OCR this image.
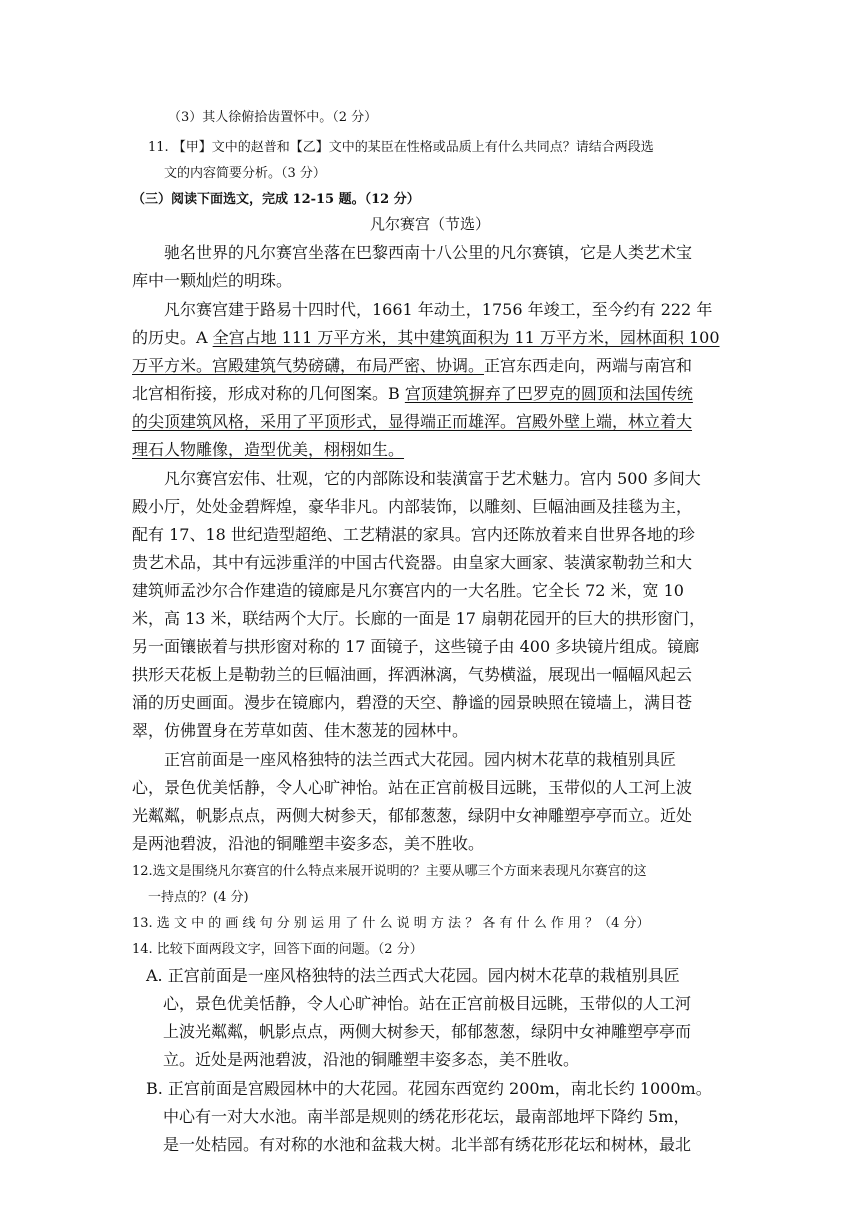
（3）其人徐俯拾齿置怀中。（2 分）
11. 【甲】文中的赵普和【乙】文中的某臣在性格或品质上有什么共同点？请结合两段选
文的内容简要分析。（3 分）
（三）阅读下面选文，完成 12-15 题。（12 分）
凡尔赛宫（节选）
驰名世界的凡尔赛宫坐落在巴黎西南十八公里的凡尔赛镇，它是人类艺术宝
库中一颗灿烂的明珠。
凡尔赛宫建于路易十四时代，1661 年动土，1756 年竣工，至今约有 222 年
的历史。A 全宫占地 111 万平方米，其中建筑面积为 11 万平方米，园林面积 100
万平方米。宫殿建筑气势磅礴，布局严密、协调。正宫东西走向，两端与南宫和
北宫相衔接，形成对称的几何图案。B 宫顶建筑摒弃了巴罗克的圆顶和法国传统
的尖顶建筑风格，采用了平顶形式，显得端正而雄浑。宫殿外壁上端，林立着大
理石人物雕像，造型优美，栩栩如生。
凡尔赛宫宏伟、壮观，它的内部陈设和装潢富于艺术魅力。宫内 500 多间大
殿小厅，处处金碧辉煌，豪华非凡。内部装饰，以雕刻、巨幅油画及挂毯为主，
配有 17、18 世纪造型超绝、工艺精湛的家具。宫内还陈放着来自世界各地的珍
贵艺术品，其中有远涉重洋的中国古代瓷器。由皇家大画家、装潢家勒勃兰和大
建筑师孟沙尔合作建造的镜廊是凡尔赛宫内的一大名胜。它全长 72 米，宽 10
米，高 13 米，联结两个大厅。长廊的一面是 17 扇朝花园开的巨大的拱形窗门，
另一面镶嵌着与拱形窗对称的 17 面镜子，这些镜子由 400 多块镜片组成。镜廊
拱形天花板上是勒勃兰的巨幅油画，挥洒淋漓，气势横溢，展现出一幅幅风起云
涌的历史画面。漫步在镜廊内，碧澄的天空、静谧的园景映照在镜墙上，满目苍
翠，仿佛置身在芳草如茵、佳木葱茏的园林中。
正宫前面是一座风格独特的法兰西式大花园。园内树木花草的栽植别具匠
心，景色优美恬静，令人心旷神怡。站在正宫前极目远眺，玉带似的人工河上波
光粼粼，帆影点点，两侧大树参天，郁郁葱葱，绿阴中女神雕塑亭亭而立。近处
是两池碧波，沿池的铜雕塑丰姿多态，美不胜收。
12.选文是围绕凡尔赛宫的什么特点来展开说明的？主要从哪三个方面来表现凡尔赛宫的这
一持点的？(4 分)
13. 选 文 中 的 画 线 句 分 别 运 用 了 什 么 说 明 方 法 ？ 各 有 什 么 作 用 ？（4 分）
14. 比较下面两段文字，回答下面的问题。（2 分）
A. 正宫前面是一座风格独特的法兰西式大花园。园内树木花草的栽植别具匠
心，景色优美恬静，令人心旷神怡。站在正宫前极目远眺，玉带似的人工河
上波光粼粼，帆影点点，两侧大树参天，郁郁葱葱，绿阴中女神雕塑亭亭而
立。近处是两池碧波，沿池的铜雕塑丰姿多态，美不胜收。
B. 正宫前面是宫殿园林中的大花园。花园东西宽约 200m，南北长约 1000m。
中心有一对大水池。南半部是规则的绣花形花坛，最南部地坪下降约 5m，
是一处桔园。有对称的水池和盆栽大树。北半部有绣花形花坛和树林，最北
